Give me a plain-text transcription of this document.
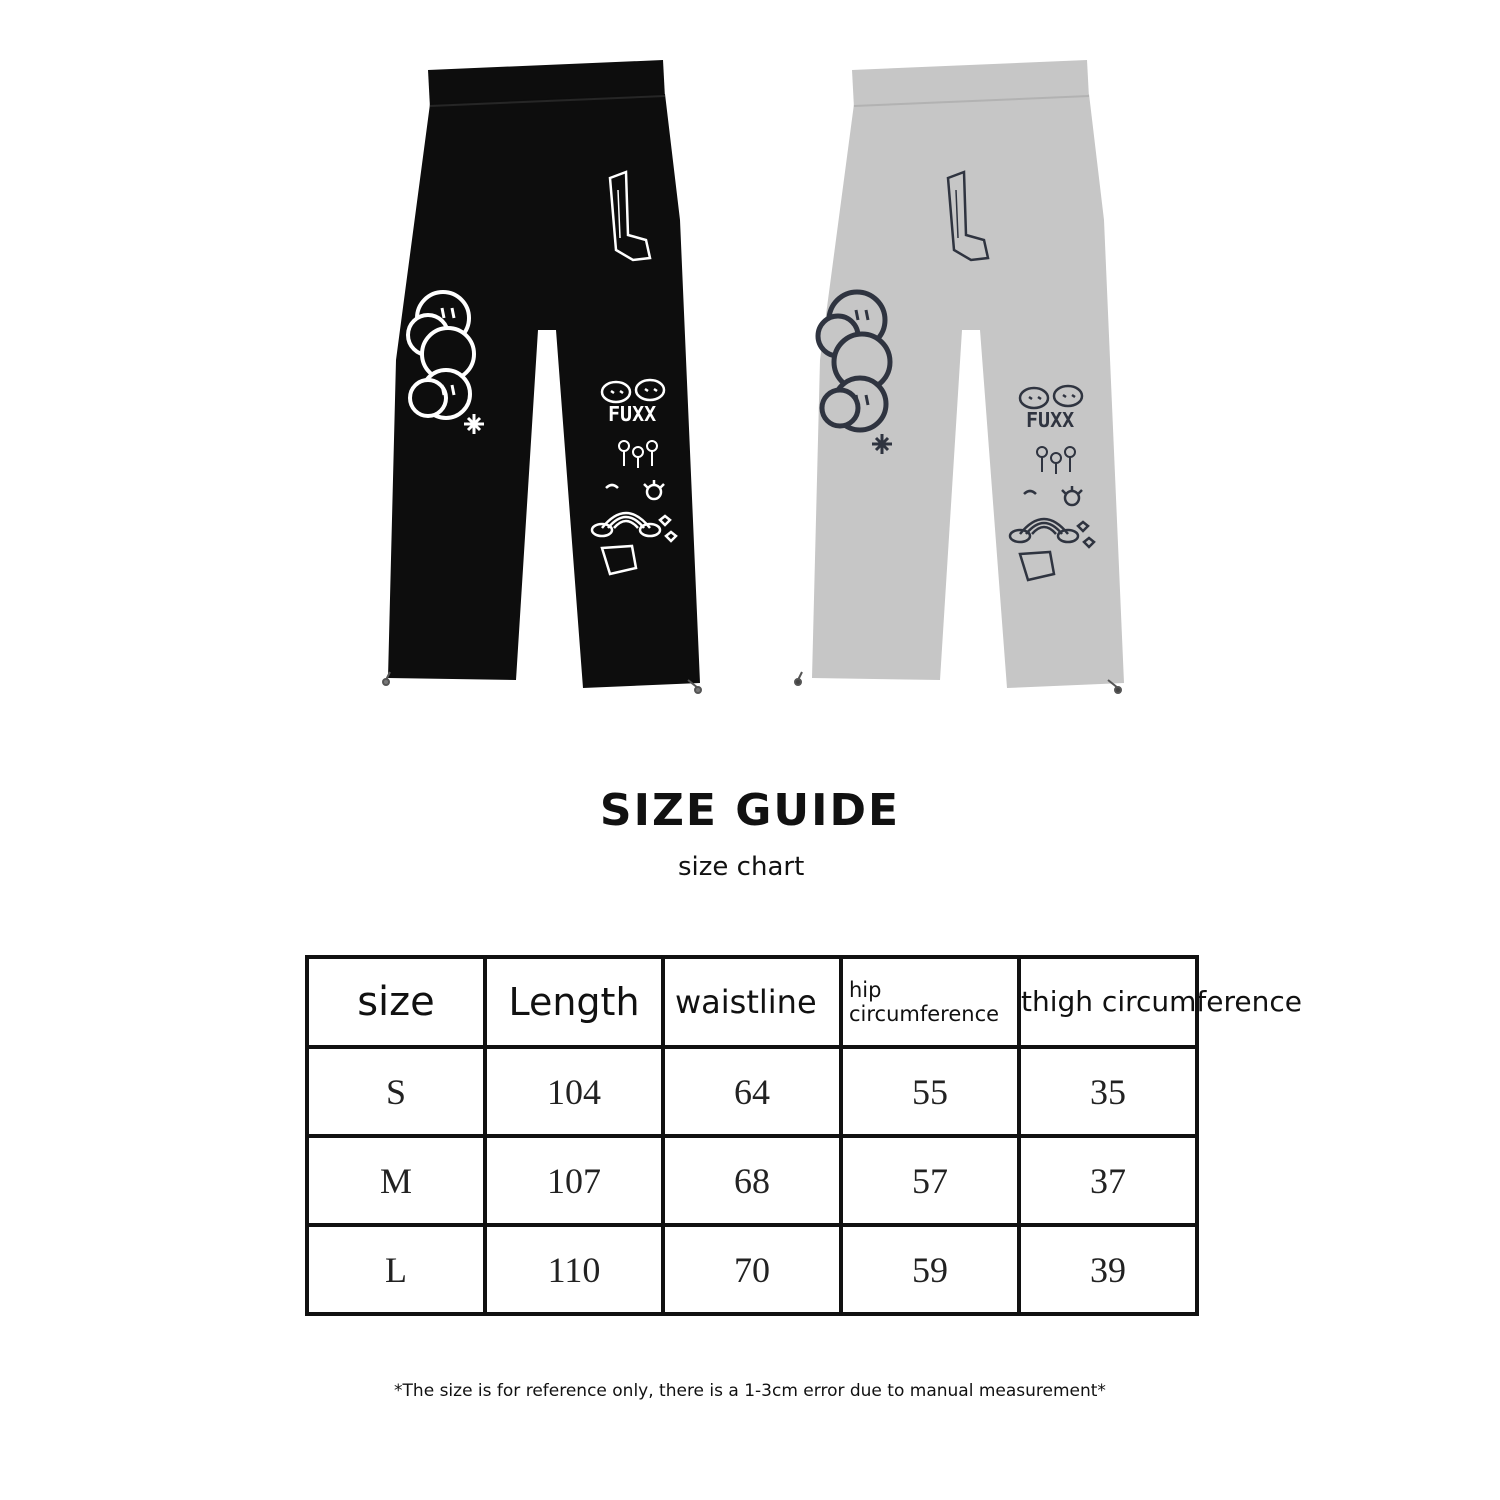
FUXX	FUXX
SIZE GUIDE
size chart
size	Length	waistline	hip circumference	thigh circumference
S	104	64	55	35
M	107	68	57	37
L	110	70	59	39
*The size is for reference only, there is a 1-3cm error due to manual measurement*
